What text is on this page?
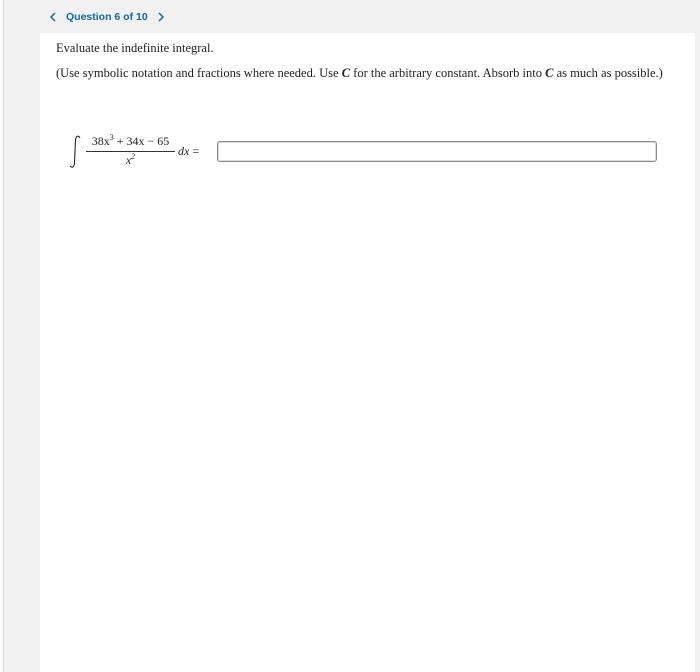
Question 6 of 10
Evaluate the indefinite integral.
(Use symbolic notation and fractions where needed. Use C for the arbitrary constant. Absorb into C as much as possible.)
$38x^3 + 34x - 65$
$x^2$	dx =
